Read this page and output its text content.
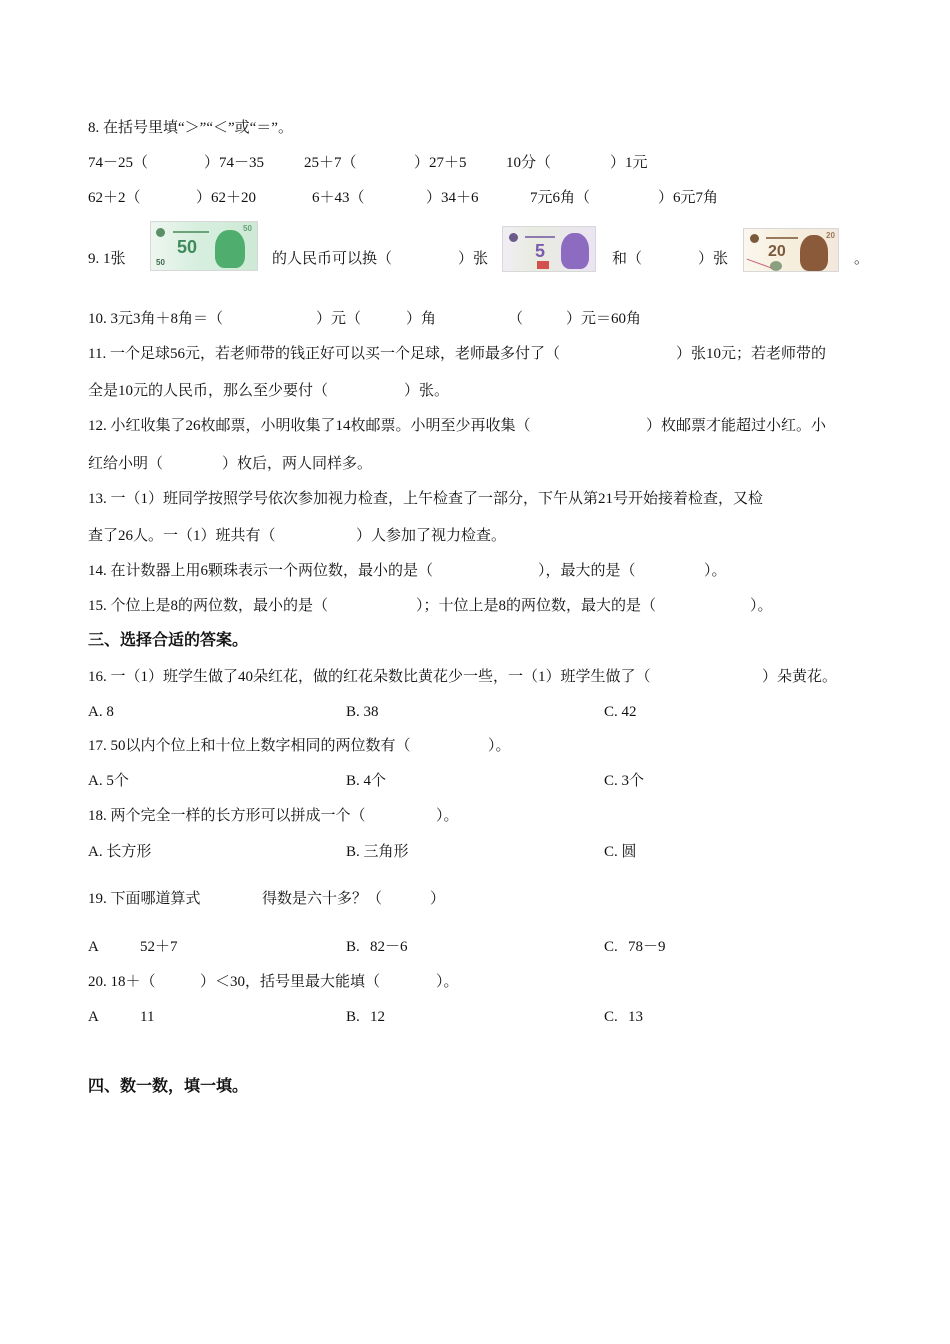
8. 在括号里填“＞”“＜”或“＝”。
74－25（	）74－35	25＋7（	）27＋5	10分（	）1元
62＋2（	）62＋20	6＋43（	）34＋6	7元6角（	）6元7角
9. 1张
50
50
50	的人民币可以换（	）张	5	和（	）张 20
20
。
10. 3元3角＋8角＝（	）元（	）角	（	）元＝60角
11. 一个足球56元，若老师带的钱正好可以买一个足球，老师最多付了（	）张10元；若老师带的
全是10元的人民币，那么至少要付（	）张。
12. 小红收集了26枚邮票，小明收集了14枚邮票。小明至少再收集（	）枚邮票才能超过小红。小
红给小明（	）枚后，两人同样多。
13. 一（1）班同学按照学号依次参加视力检查，上午检查了一部分，下午从第21号开始接着检查，又检
查了26人。一（1）班共有（	）人参加了视力检查。
14. 在计数器上用6颗珠表示一个两位数，最小的是（	），最大的是（	）。
15. 个位上是8的两位数，最小的是（	）；十位上是8的两位数，最大的是（	）。
三、选择合适的答案。
16. 一（1）班学生做了40朵红花，做的红花朵数比黄花少一些，一（1）班学生做了（	）朵黄花。
A. 8	B. 38	C. 42
17. 50以内个位上和十位上数字相同的两位数有（	）。
A. 5个	B. 4个	C. 3个
18. 两个完全一样的长方形可以拼成一个（	）。
A. 长方形	B. 三角形	C. 圆
19. 下面哪道算式	得数是六十多？（	）
A	52＋7	B. 82－6	C. 78－9
20. 18＋（	）＜30，括号里最大能填（	）。
A	11	B. 12	C. 13
四、数一数，填一填。
